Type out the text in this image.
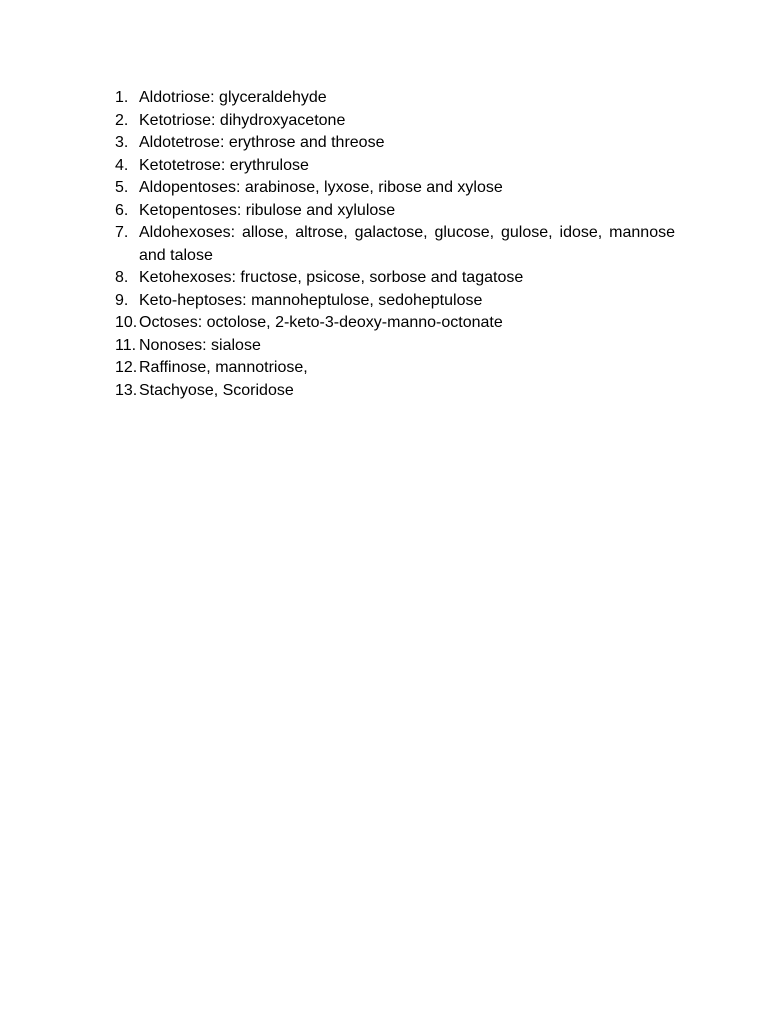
1. Aldotriose: glyceraldehyde
2. Ketotriose: dihydroxyacetone
3. Aldotetrose: erythrose and threose
4. Ketotetrose: erythrulose
5. Aldopentoses: arabinose, lyxose, ribose and xylose
6. Ketopentoses: ribulose and xylulose
7. Aldohexoses: allose, altrose, galactose, glucose, gulose, idose, mannose and talose
8. Ketohexoses: fructose, psicose, sorbose and tagatose
9. Keto-heptoses: mannoheptulose, sedoheptulose
10. Octoses: octolose, 2-keto-3-deoxy-manno-octonate
11. Nonoses: sialose
12. Raffinose, mannotriose,
13. Stachyose, Scoridose
